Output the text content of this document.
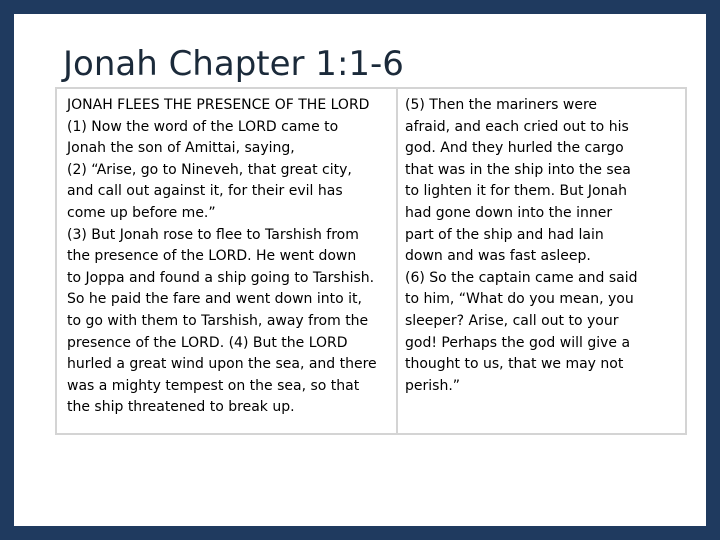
Jonah Chapter 1:1-6
JONAH FLEES THE PRESENCE OF THE LORD
(1) Now the word of the LORD came to
Jonah the son of Amittai, saying,
(2) “Arise, go to Nineveh, that great city,
and call out against it, for their evil has
come up before me.”
(3) But Jonah rose to flee to Tarshish from
the presence of the LORD. He went down
to Joppa and found a ship going to Tarshish.
So he paid the fare and went down into it,
to go with them to Tarshish, away from the
presence of the LORD. (4) But the LORD
hurled a great wind upon the sea, and there
was a mighty tempest on the sea, so that
the ship threatened to break up.
(5) Then the mariners were
afraid, and each cried out to his
god. And they hurled the cargo
that was in the ship into the sea
to lighten it for them. But Jonah
had gone down into the inner
part of the ship and had lain
down and was fast asleep.
(6) So the captain came and said
to him, “What do you mean, you
sleeper? Arise, call out to your
god! Perhaps the god will give a
thought to us, that we may not
perish.”
